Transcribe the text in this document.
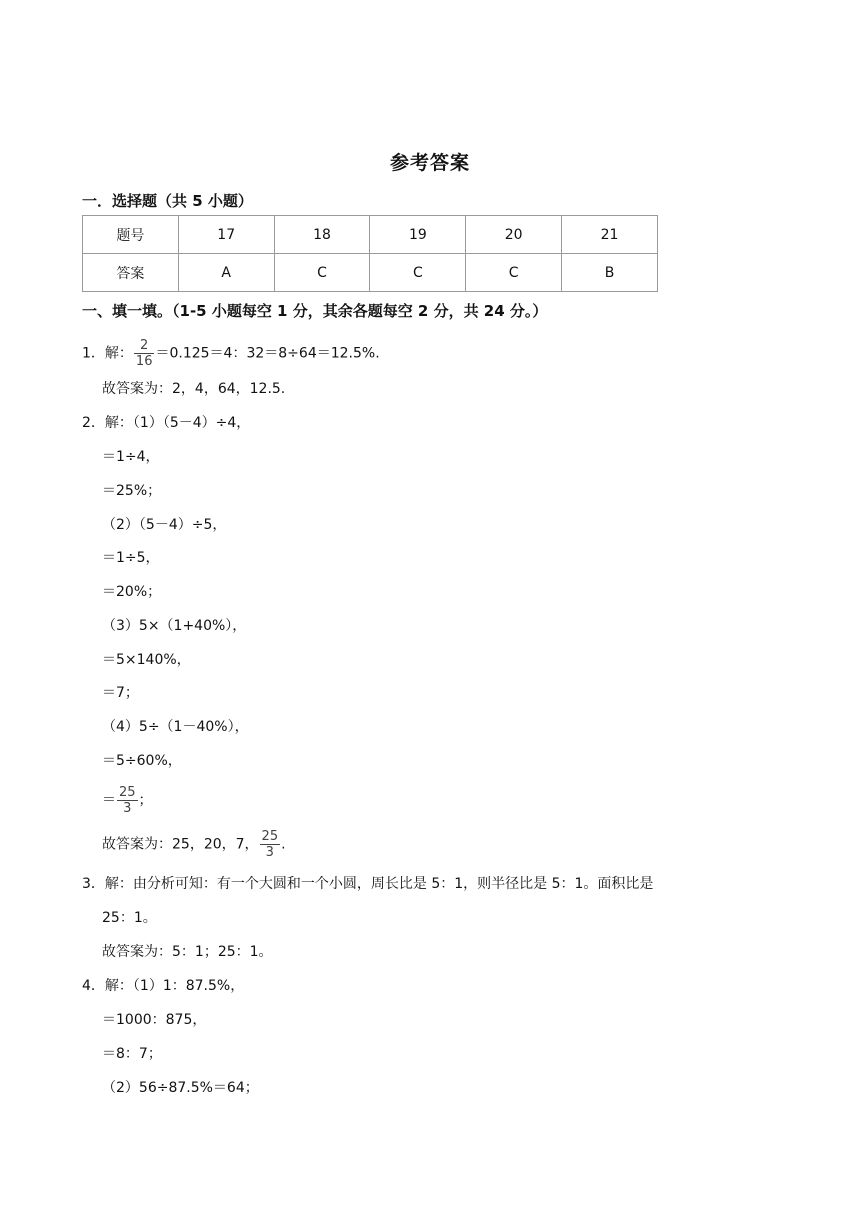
参考答案
一．选择题（共 5 小题）
题号	17	18	19	20	21
答案	A	C	C	C	B
一、填一填。（1-5 小题每空 1 分，其余各题每空 2 分，共 24 分。）
1．解： $\frac{2}{16} =0.125=4$：32＝8÷64＝12.5%.
故答案为：2，4，64，12.5.
2．解：（1）（5－4）÷4，
＝1÷4，
＝25%；
（2）（5－4）÷5，
＝1÷5，
＝20%；
（3）5×（1+40%），
＝5×140%，
＝7；
（4）5÷（1－40%），
＝5÷60%，
＝ $\frac{25}{3}$ ；
故答案为：25，20，7， $\frac{25}{3}$ .
3．解：由分析可知：有一个大圆和一个小圆，周长比是 5：1，则半径比是 5：1。面积比是
25：1。
故答案为：5：1；25：1。
4．解：（1）1：87.5%，
＝1000：875，
＝8：7；
（2）56÷87.5%＝64；
